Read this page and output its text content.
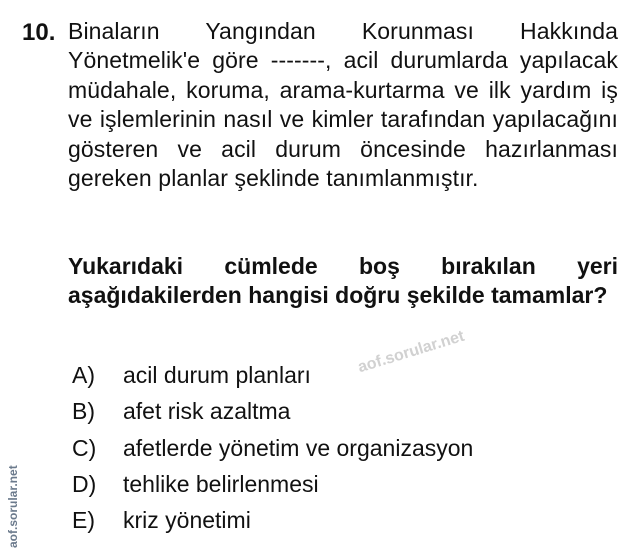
10. Binaların Yangından Korunması Hakkında Yönetmelik'e göre -------, acil durumlarda yapılacak müdahale, koruma, arama-kurtarma ve ilk yardım iş ve işlemlerinin nasıl ve kimler tarafından yapılacağını gösteren ve acil durum öncesinde hazırlanması gereken planlar şeklinde tanımlanmıştır.

Yukarıdaki cümlede boş bırakılan yeri aşağıdakilerden hangisi doğru şekilde tamamlar?

A)	acil durum planları
B)	afet risk azaltma
C)	afetlerde yönetim ve organizasyon
D)	tehlike belirlenmesi
E)	kriz yönetimi
aof.sorular.net
aof.sorular.net
